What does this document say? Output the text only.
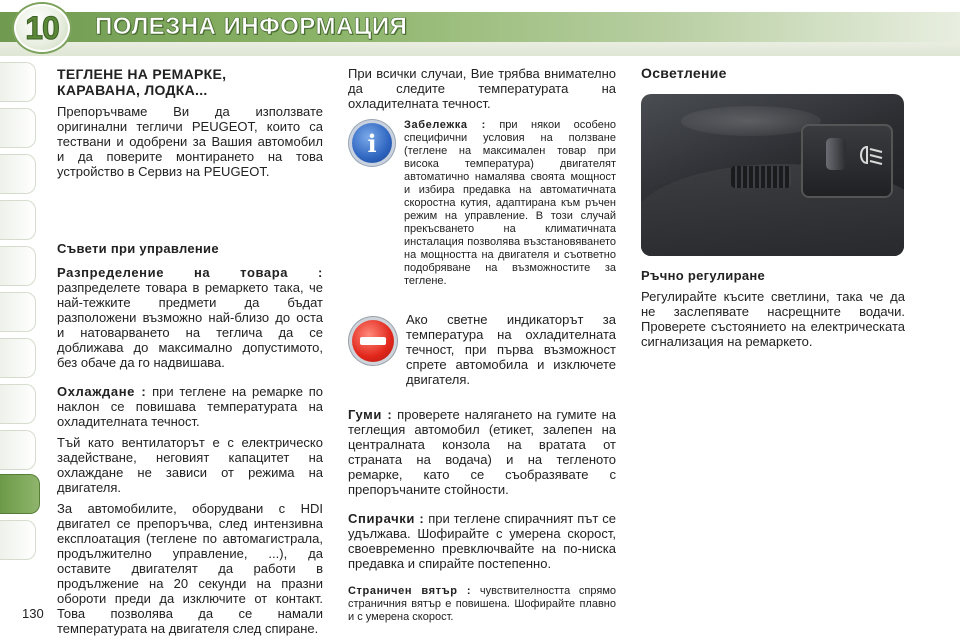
10 ПОЛЕЗНА ИНФОРМАЦИЯ
130
ТЕГЛЕНЕ НА РЕМАРКЕ,
КАРАВАНА, ЛОДКА...

Препоръчваме Ви да използвате оригинални тегличи PEUGEOT, които са тествани и одобрени за Вашия автомобил и да поверите монтирането на това устройство в Сервиз на PEUGEOT.

Съвети при управление

Разпределение на товара : разпределете товара в ремаркето така, че най-тежките предмети да бъдат разположени възможно най-близо до оста и натоварването на теглича да се доближава до максимално допустимото, без обаче да го надвишава.

Охлаждане : при теглене на ремарке по наклон се повишава температурата на охладителната течност.

Тъй като вентилаторът е с електрическо задействане, неговият капацитет на охлаждане не зависи от режима на двигателя.

За автомобилите, оборудвани с HDI двигател се препоръчва, след интензивна експлоатация (теглене по автомагистрала, продължително управление, ...), да оставите двигателят да работи в продължение на 20 секунди на празни обороти преди да изключите от контакт. Това позволява да се намали температурата на двигателя след спиране.

При всички случаи, Вие трябва внимателно да следите температурата на охладителната течност.

i

Забележка : при някои особено специфични условия на ползване (теглене на максимален товар при висока температура) двигателят автоматично намалява своята мощност и избира предавка на автоматичната скоростна кутия, адаптирана към ръчен режим на управление. В този случай прекъсването на климатичната инсталация позволява възстановяването на мощността на двигателя и съответно подобряване на възможностите за теглене.

Ако светне индикаторът за температура на охладителната течност, при първа възможност спрете автомобила и изключете двигателя.

Гуми : проверете налягането на гумите на теглещия автомобил (етикет, залепен на централната конзола на вратата от страната на водача) и на тегленото ремарке, като се съобразявате с препоръчаните стойности.

Спирачки : при теглене спирачният път се удължава. Шофирайте с умерена скорост, своевременно превключвайте на по-ниска предавка и спирайте постепенно.

Страничен вятър : чувствителността спрямо страничния вятър е повишена. Шофирайте плавно и с умерена скорост.

Осветление
Ръчно регулиране

Регулирайте късите светлини, така че да не заслепявате насрещните водачи. Проверете състоянието на електрическата сигнализация на ремаркето.
